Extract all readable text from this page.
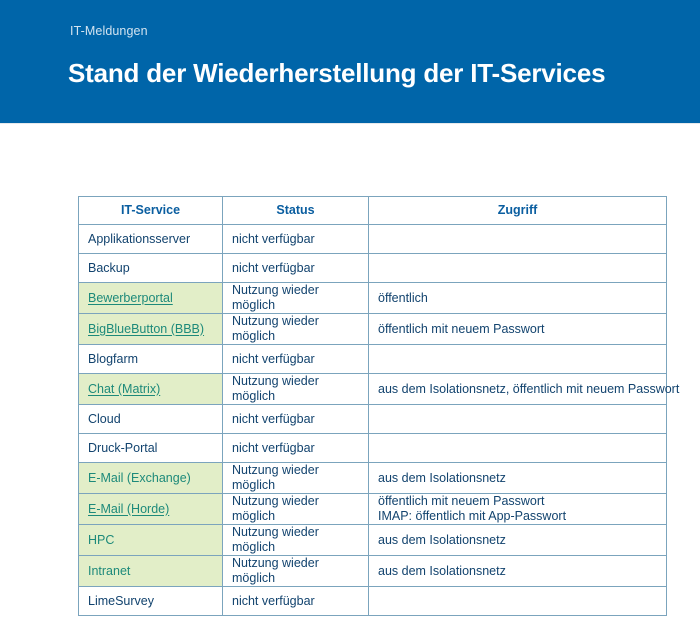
IT-Meldungen
Stand der Wiederherstellung der IT-Services
IT-Service	Status	Zugriff
Applikationsserver	nicht verfügbar	
Backup	nicht verfügbar	
Bewerberportal	Nutzung wieder möglich	öffentlich
BigBlueButton (BBB)	Nutzung wieder möglich	öffentlich mit neuem Passwort
Blogfarm	nicht verfügbar	
Chat (Matrix)	Nutzung wieder möglich	aus dem Isolationsnetz, öffentlich mit neuem Passwort
Cloud	nicht verfügbar	
Druck-Portal	nicht verfügbar	
E-Mail (Exchange)	Nutzung wieder möglich	aus dem Isolationsnetz
E-Mail (Horde)	Nutzung wieder möglich	öffentlich mit neuem Passwort
IMAP: öffentlich mit App-Passwort

HPC	Nutzung wieder möglich	aus dem Isolationsnetz
Intranet	Nutzung wieder möglich	aus dem Isolationsnetz
LimeSurvey	nicht verfügbar	
